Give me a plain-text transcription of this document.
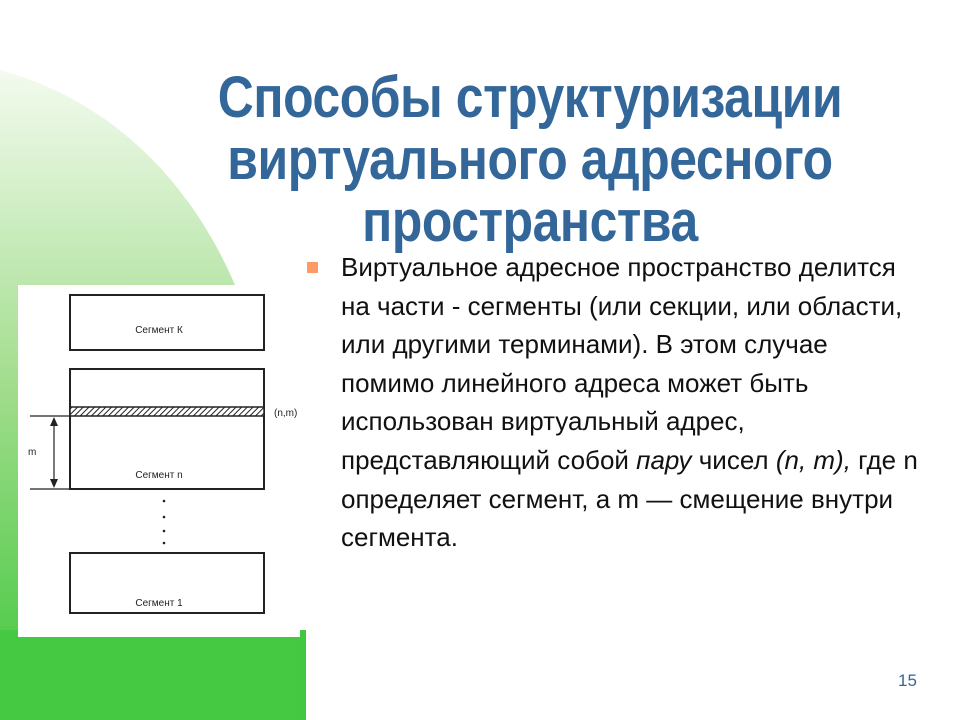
Способы структуризации
виртуального адресного
пространства
Виртуальное адресное пространство делится на части - сегменты (или секции, или области, или другими терминами). В этом случае помимо линейного адреса может быть использован виртуальный адрес, представляющий собой пару чисел (n, m), где n определяет сегмент, а m — смещение внутри сегмента.
Сегмент К
Сегмент n
(n,m)
m
Сегмент 1
15
